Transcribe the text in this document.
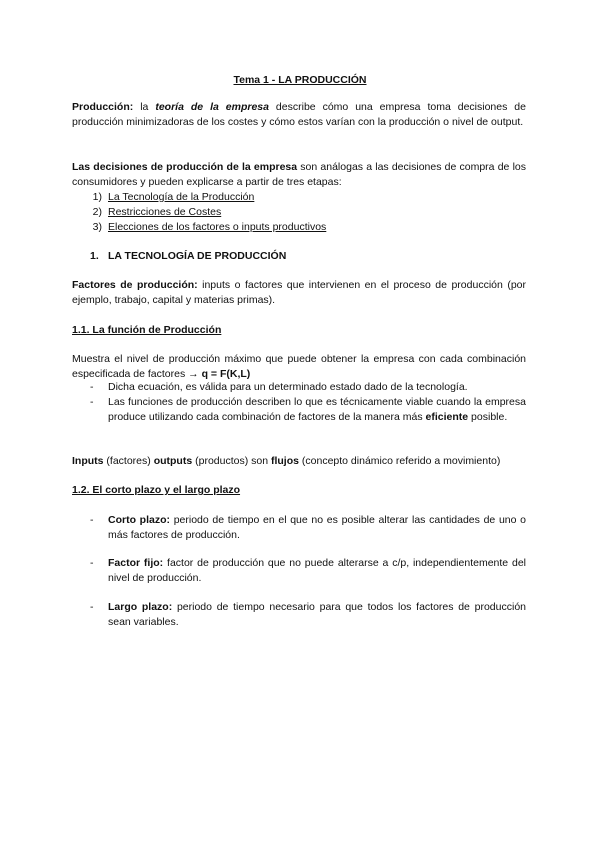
Tema 1 - LA PRODUCCIÓN

Producción: la teoría de la empresa describe cómo una empresa toma decisiones de producción minimizadoras de los costes y cómo estos varían con la producción o nivel de output.

Las decisiones de producción de la empresa son análogas a las decisiones de compra de los consumidores y pueden explicarse a partir de tres etapas:

1) La Tecnología de la Producción
2) Restricciones de Costes
3) Elecciones de los factores o inputs productivos
1. LA TECNOLOGÍA DE PRODUCCIÓN

Factores de producción: inputs o factores que intervienen en el proceso de producción (por ejemplo, trabajo, capital y materias primas).

1.1. La función de Producción

Muestra el nivel de producción máximo que puede obtener la empresa con cada combinación especificada de factores → q = F(K,L)

- Dicha ecuación, es válida para un determinado estado dado de la tecnología.
- Las funciones de producción describen lo que es técnicamente viable cuando la empresa produce utilizando cada combinación de factores de la manera más eficiente posible.

Inputs (factores) outputs (productos) son flujos (concepto dinámico referido a movimiento)

1.2. El corto plazo y el largo plazo
- Corto plazo: periodo de tiempo en el que no es posible alterar las cantidades de uno o más factores de producción.
- Factor fijo: factor de producción que no puede alterarse a c/p, independientemente del nivel de producción.
- Largo plazo: periodo de tiempo necesario para que todos los factores de producción sean variables.
